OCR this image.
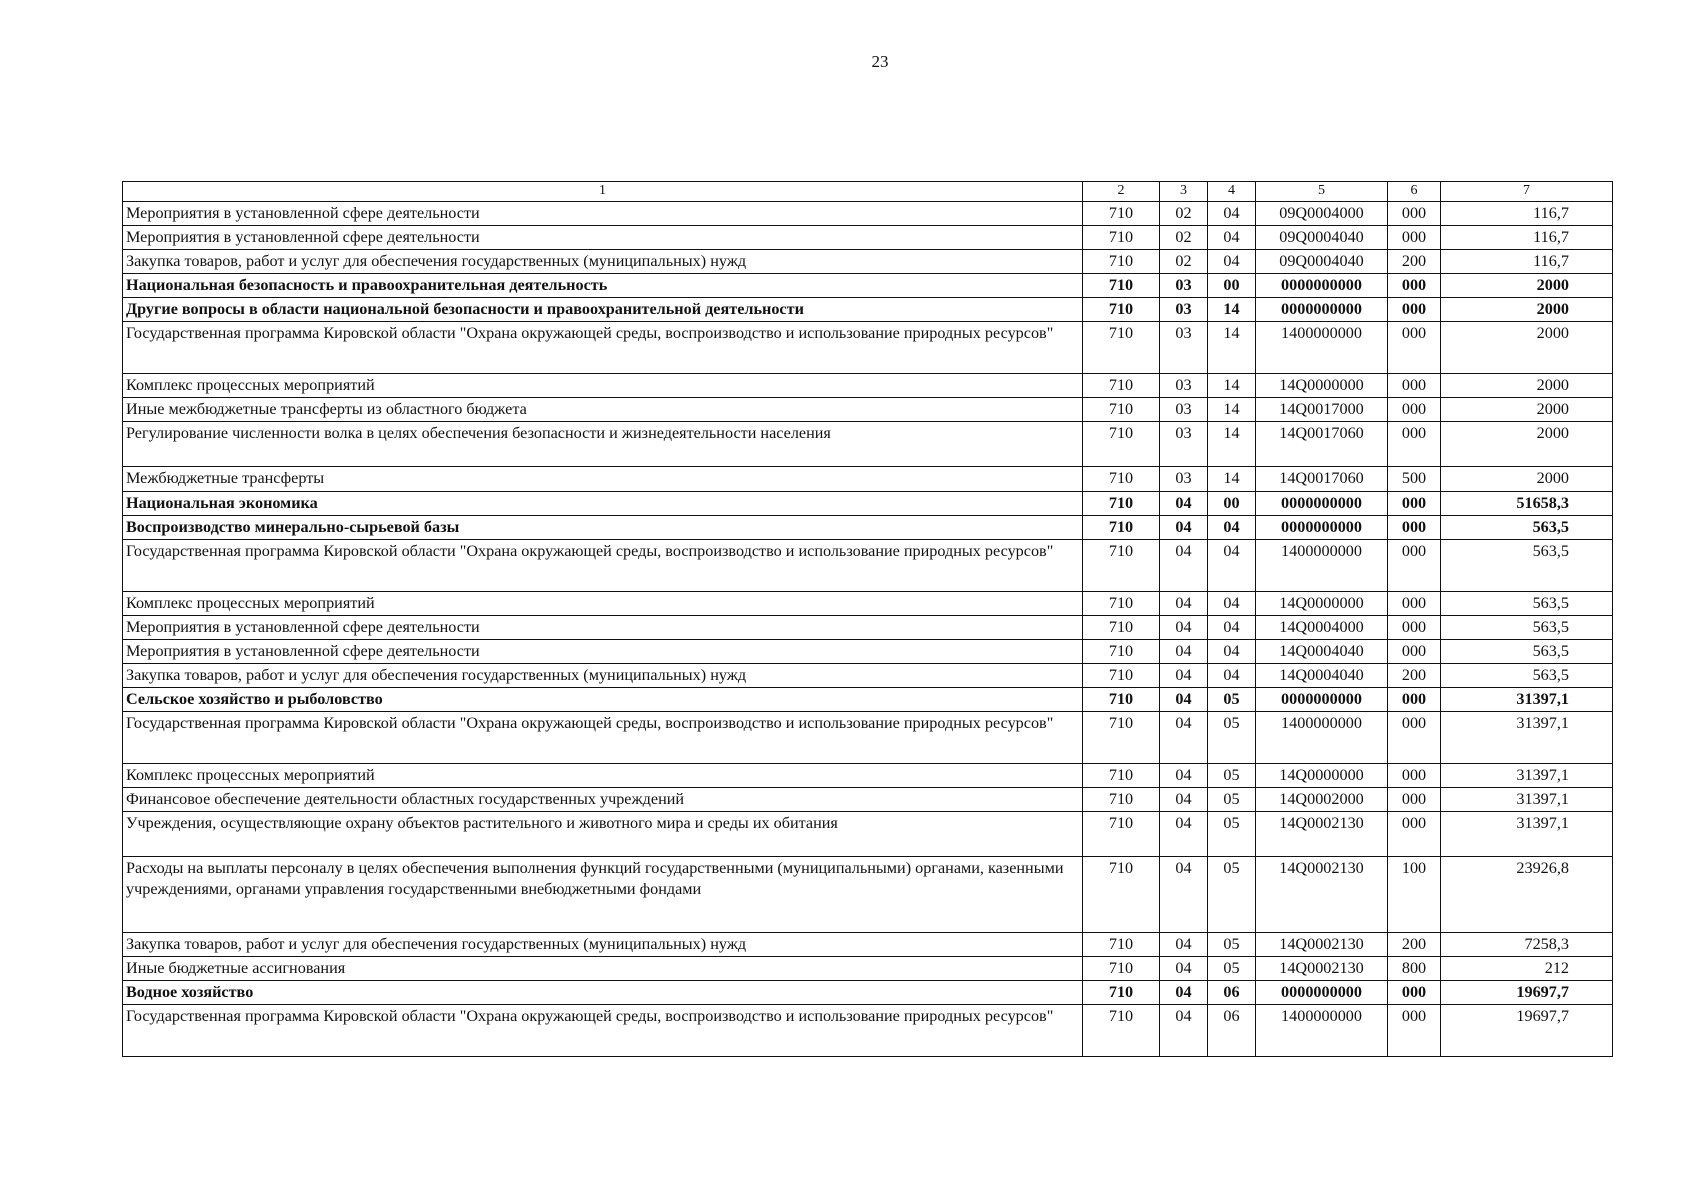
23
1	2	3	4	5	6	7
Мероприятия в установленной сфере деятельности	710	02	04	09Q0004000	000	116,7
Мероприятия в установленной сфере деятельности	710	02	04	09Q0004040	000	116,7
Закупка товаров, работ и услуг для обеспечения государственных (муниципальных) нужд	710	02	04	09Q0004040	200	116,7
Национальная безопасность и правоохранительная деятельность	710	03	00	0000000000	000	2000
Другие вопросы в области национальной безопасности и правоохранительной деятельности	710	03	14	0000000000	000	2000
Государственная программа Кировской области "Охрана окружающей среды, воспроизводство и использование природных ресурсов"	710	03	14	1400000000	000	2000
Комплекс процессных мероприятий	710	03	14	14Q0000000	000	2000
Иные межбюджетные трансферты из областного бюджета	710	03	14	14Q0017000	000	2000
Регулирование численности волка в целях обеспечения безопасности и жизнедеятельности населения	710	03	14	14Q0017060	000	2000
Межбюджетные трансферты	710	03	14	14Q0017060	500	2000
Национальная экономика	710	04	00	0000000000	000	51658,3
Воспроизводство минерально-сырьевой базы	710	04	04	0000000000	000	563,5
Государственная программа Кировской области "Охрана окружающей среды, воспроизводство и использование природных ресурсов"	710	04	04	1400000000	000	563,5
Комплекс процессных мероприятий	710	04	04	14Q0000000	000	563,5
Мероприятия в установленной сфере деятельности	710	04	04	14Q0004000	000	563,5
Мероприятия в установленной сфере деятельности	710	04	04	14Q0004040	000	563,5
Закупка товаров, работ и услуг для обеспечения государственных (муниципальных) нужд	710	04	04	14Q0004040	200	563,5
Сельское хозяйство и рыболовство	710	04	05	0000000000	000	31397,1
Государственная программа Кировской области "Охрана окружающей среды, воспроизводство и использование природных ресурсов"	710	04	05	1400000000	000	31397,1
Комплекс процессных мероприятий	710	04	05	14Q0000000	000	31397,1
Финансовое обеспечение деятельности областных государственных учреждений	710	04	05	14Q0002000	000	31397,1
Учреждения, осуществляющие охрану объектов растительного и животного мира и среды их обитания	710	04	05	14Q0002130	000	31397,1
Расходы на выплаты персоналу в целях обеспечения выполнения функций государственными (муниципальными) органами, казенными учреждениями, органами управления государственными внебюджетными фондами	710	04	05	14Q0002130	100	23926,8
Закупка товаров, работ и услуг для обеспечения государственных (муниципальных) нужд	710	04	05	14Q0002130	200	7258,3
Иные бюджетные ассигнования	710	04	05	14Q0002130	800	212
Водное хозяйство	710	04	06	0000000000	000	19697,7
Государственная программа Кировской области "Охрана окружающей среды, воспроизводство и использование природных ресурсов"	710	04	06	1400000000	000	19697,7
